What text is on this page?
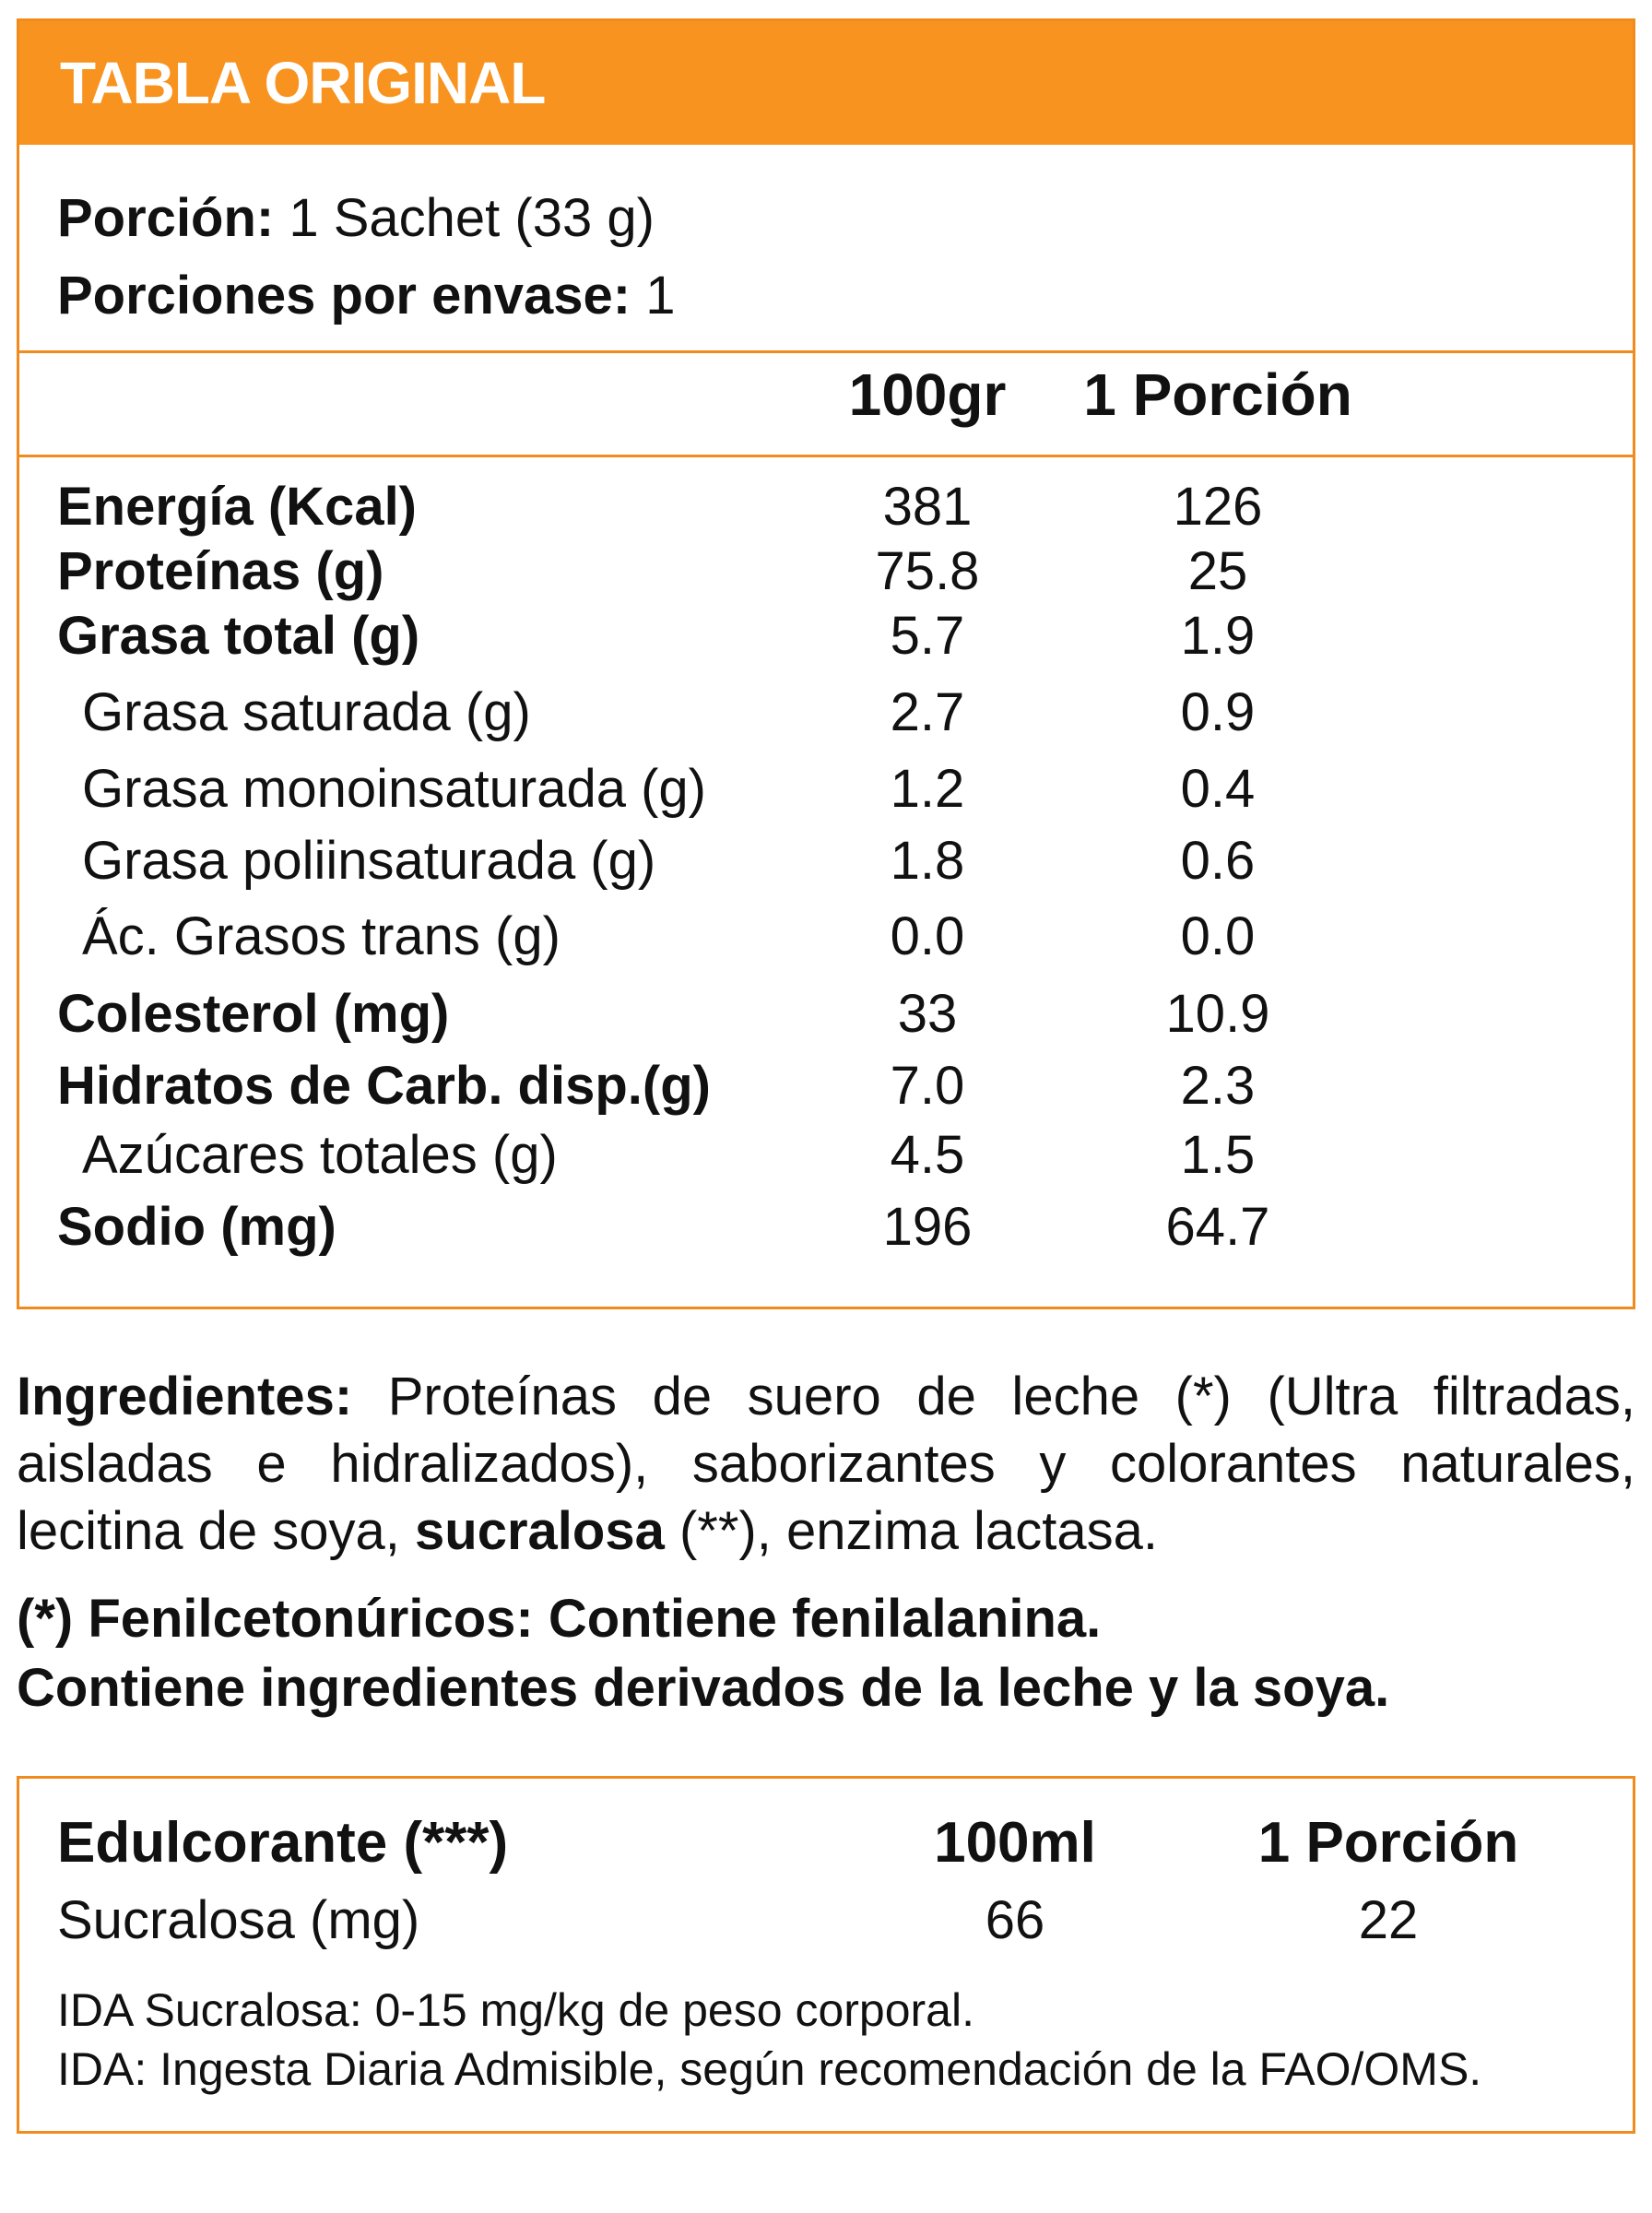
TABLA ORIGINAL
Porción: 1 Sachet (33 g)
Porciones por envase: 1
100gr 1 Porción
Energía (Kcal)	381	126
Proteínas (g)	75.8	25
Grasa total (g)	5.7	1.9
Grasa saturada (g)	2.7	0.9
Grasa monoinsaturada (g)	1.2	0.4
Grasa poliinsaturada (g)	1.8	0.6
Ác. Grasos trans (g)	0.0	0.0
Colesterol (mg)	33	10.9
Hidratos de Carb. disp.(g)	7.0	2.3
Azúcares totales (g)	4.5	1.5
Sodio (mg)	196	64.7
Ingredientes: Proteínas de suero de leche (*) (Ultra filtradas, aisladas e hidralizados), saborizantes y colorantes naturales, lecitina de soya, sucralosa (**), enzima lactasa.
(*) Fenilcetonúricos: Contiene fenilalanina.
Contiene ingredientes derivados de la leche y la soya.
Edulcorante (***)	100ml	1 Porción
Sucralosa (mg)	66	22
IDA Sucralosa: 0-15 mg/kg de peso corporal.
IDA: Ingesta Diaria Admisible, según recomendación de la FAO/OMS.
